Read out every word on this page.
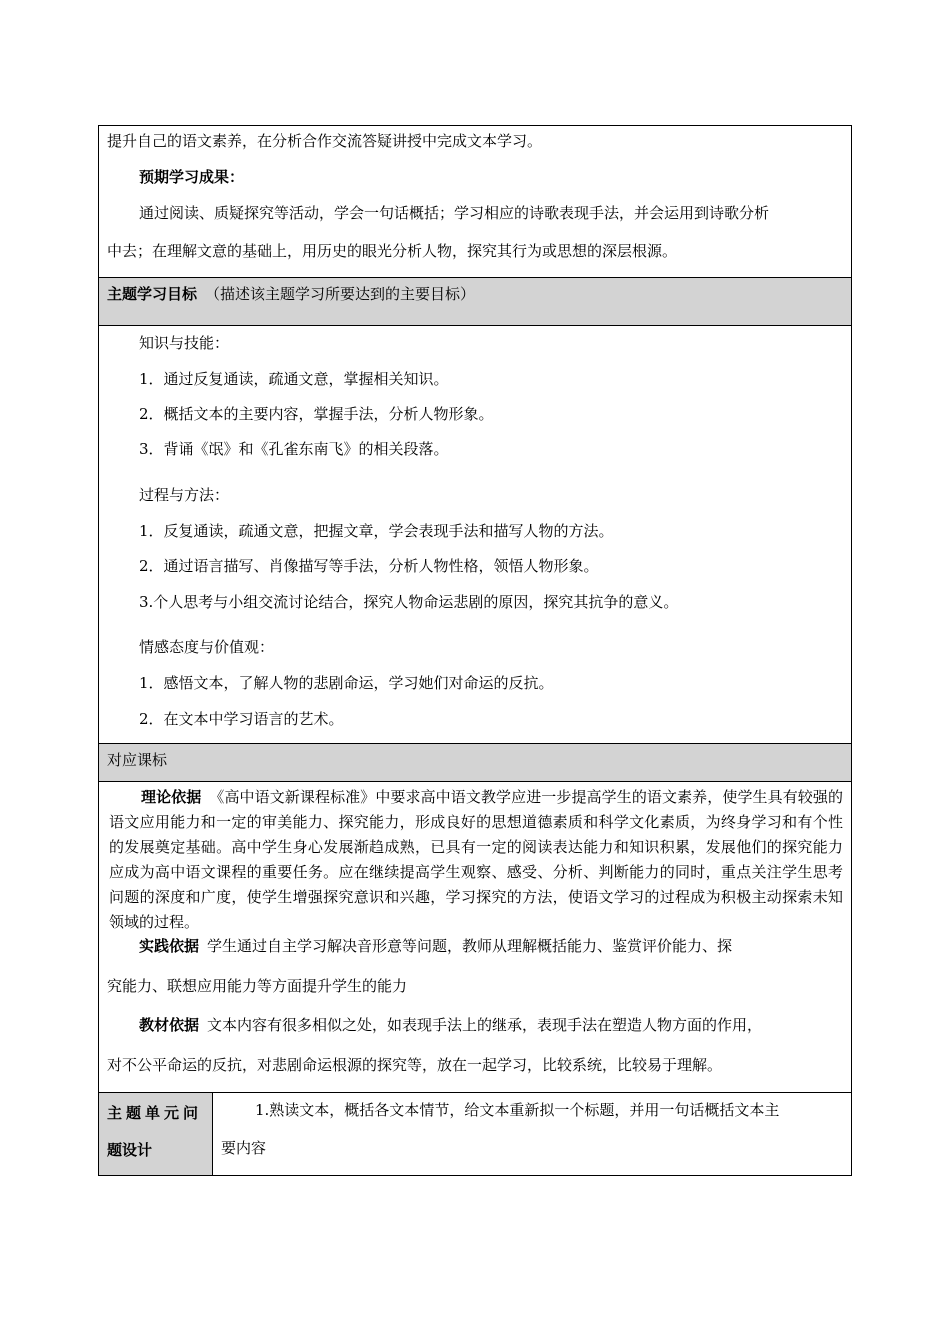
提升自己的语文素养，在分析合作交流答疑讲授中完成文本学习。
预期学习成果：
通过阅读、质疑探究等活动，学会一句话概括；学习相应的诗歌表现手法，并会运用到诗歌分析
中去；在理解文意的基础上，用历史的眼光分析人物，探究其行为或思想的深层根源。
主题学习目标 （描述该主题学习所要达到的主要目标）
知识与技能：
1．通过反复通读，疏通文意，掌握相关知识。
2．概括文本的主要内容，掌握手法，分析人物形象。
3．背诵《氓》和《孔雀东南飞》的相关段落。
过程与方法：
1．反复通读，疏通文意，把握文章，学会表现手法和描写人物的方法。
2．通过语言描写、肖像描写等手法，分析人物性格，领悟人物形象。
3.个人思考与小组交流讨论结合，探究人物命运悲剧的原因，探究其抗争的意义。
情感态度与价值观：
1．感悟文本，了解人物的悲剧命运，学习她们对命运的反抗。
2．在文本中学习语言的艺术。
对应课标
理论依据 《高中语文新课程标准》中要求高中语文教学应进一步提高学生的语文素养，使学生具有较强的语文应用能力和一定的审美能力、探究能力，形成良好的思想道德素质和科学文化素质，为终身学习和有个性的发展奠定基础。高中学生身心发展渐趋成熟，已具有一定的阅读表达能力和知识积累，发展他们的探究能力应成为高中语文课程的重要任务。应在继续提高学生观察、感受、分析、判断能力的同时，重点关注学生思考问题的深度和广度，使学生增强探究意识和兴趣，学习探究的方法，使语文学习的过程成为积极主动探索未知领域的过程。
实践依据 学生通过自主学习解决音形意等问题，教师从理解概括能力、鉴赏评价能力、探
究能力、联想应用能力等方面提升学生的能力
教材依据 文本内容有很多相似之处，如表现手法上的继承，表现手法在塑造人物方面的作用，
对不公平命运的反抗，对悲剧命运根源的探究等，放在一起学习，比较系统，比较易于理解。
主题单元问
题设计
1.熟读文本，概括各文本情节，给文本重新拟一个标题，并用一句话概括文本主
要内容
